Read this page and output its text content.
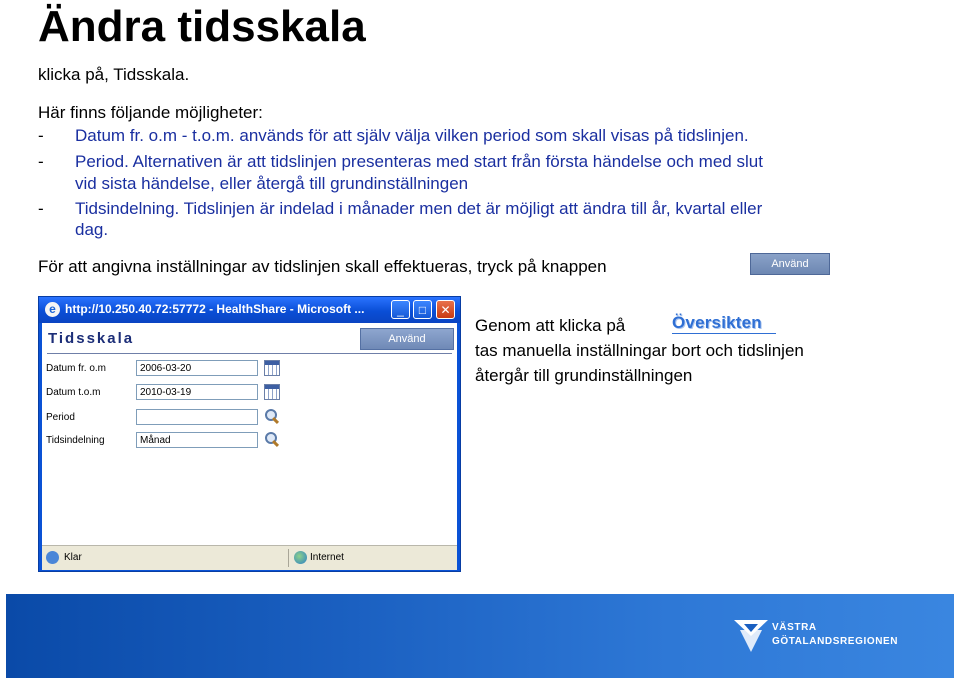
Ändra tidsskala
klicka på, Tidsskala.
Här finns följande möjligheter:
- Datum fr. o.m - t.o.m. används för att själv välja vilken period som skall visas på tidslinjen.
- Period. Alternativen är att tidslinjen presenteras med start från första händelse och med slut
vid sista händelse, eller återgå till grundinställningen
- Tidsindelning. Tidslinjen är indelad i månader men det är möjligt att ändra till år, kvartal eller
dag.
För att angivna inställningar av tidslinjen skall effektueras, tryck på knappen	Använd
e http://10.250.40.72:57772 - HealthShare - Microsoft ...	_	□	✕
Tidsskala	Använd
Datum fr. o.m	2006-03-20
Datum t.o.m	2010-03-19
Period
Tidsindelning	Månad
Klar	Internet
Genom att klicka på	Översikten
tas manuella inställningar bort och tidslinjen
återgår till grundinställningen
VÄSTRA
GÖTALANDSREGIONEN
